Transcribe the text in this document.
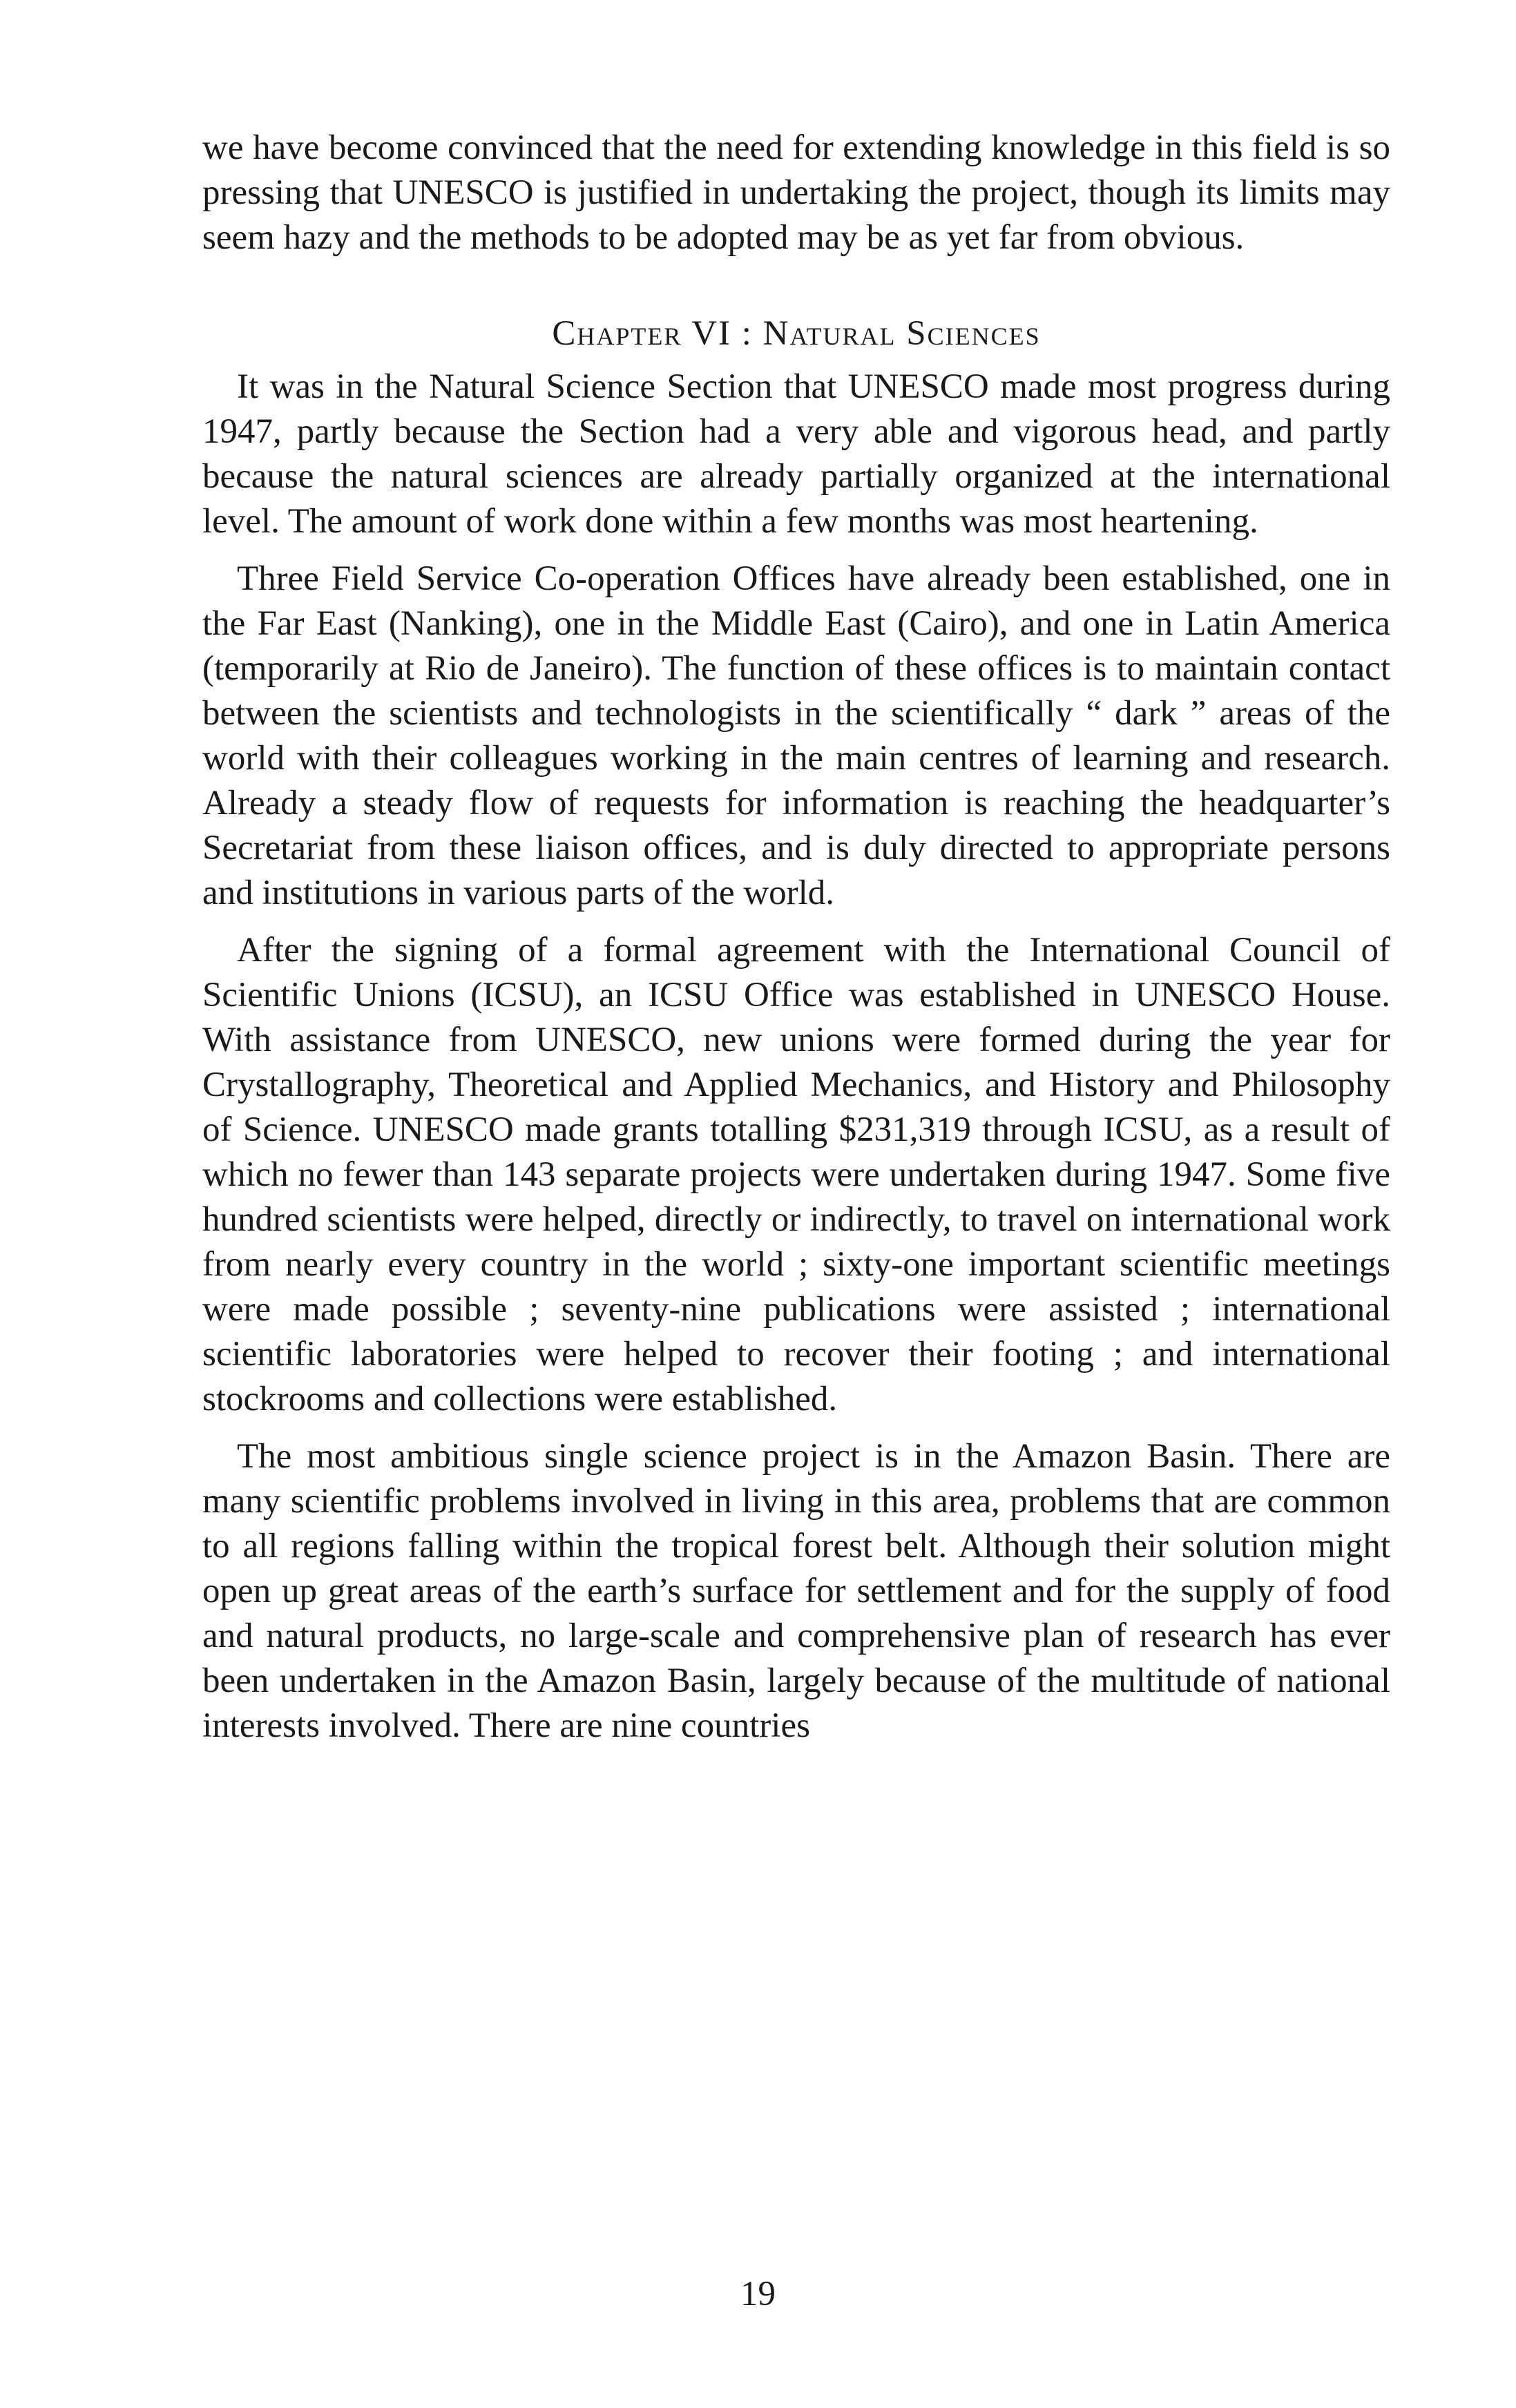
we have become convinced that the need for extending knowledge in this field is so pressing that UNESCO is justified in undertaking the project, though its limits may seem hazy and the methods to be adopted may be as yet far from obvious.

Chapter VI : Natural Sciences

It was in the Natural Science Section that UNESCO made most progress during 1947, partly because the Section had a very able and vigorous head, and partly because the natural sciences are already partially organized at the international level. The amount of work done within a few months was most heartening.

Three Field Service Co-operation Offices have already been established, one in the Far East (Nanking), one in the Middle East (Cairo), and one in Latin America (temporarily at Rio de Janeiro). The function of these offices is to maintain contact between the scientists and technologists in the scientifically “ dark ” areas of the world with their colleagues working in the main centres of learning and research. Already a steady flow of requests for information is reaching the headquarter’s Secretariat from these liaison offices, and is duly directed to appropriate persons and institutions in various parts of the world.

After the signing of a formal agreement with the International Council of Scientific Unions (ICSU), an ICSU Office was established in UNESCO House. With assistance from UNESCO, new unions were formed during the year for Crystallography, Theoretical and Applied Mechanics, and History and Philosophy of Science. UNESCO made grants totalling $231,319 through ICSU, as a result of which no fewer than 143 separate projects were undertaken during 1947. Some five hundred scientists were helped, directly or indirectly, to travel on international work from nearly every country in the world ; sixty-one important scientific meetings were made possible ; seventy-nine publications were assisted ; international scientific laboratories were helped to recover their footing ; and international stockrooms and collections were established.

The most ambitious single science project is in the Amazon Basin. There are many scientific problems involved in living in this area, problems that are common to all regions falling within the tropical forest belt. Although their solution might open up great areas of the earth’s surface for settlement and for the supply of food and natural products, no large-scale and comprehensive plan of research has ever been undertaken in the Amazon Basin, largely because of the multitude of national interests involved. There are nine countries

19
